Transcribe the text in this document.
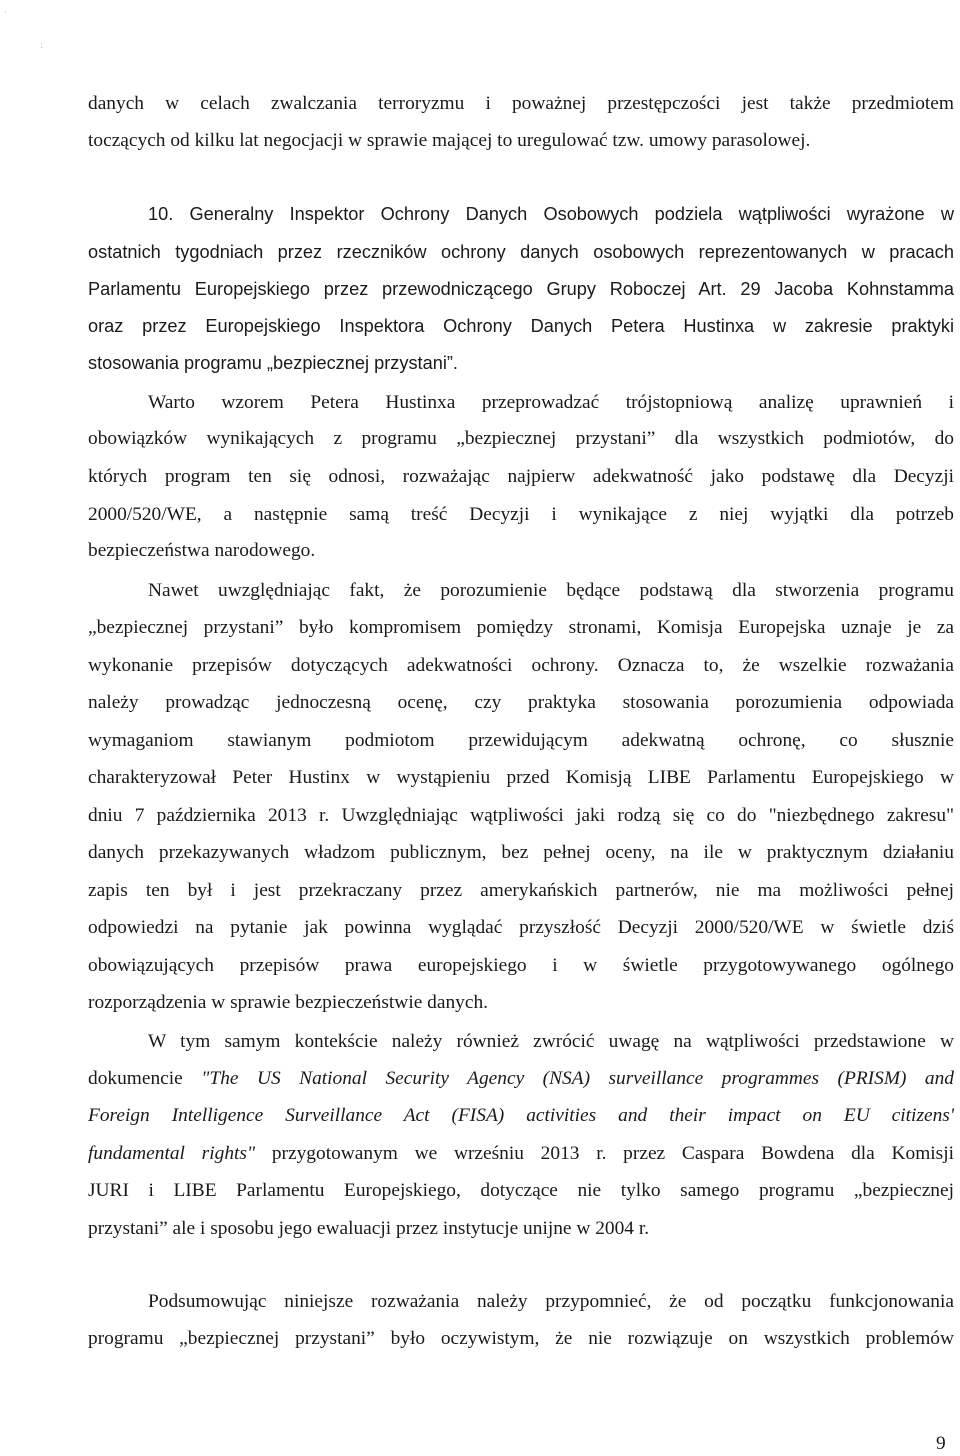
:
,

danych w celach zwalczania terroryzmu i poważnej przestępczości jest także przedmiotem

toczących od kilku lat negocjacji w sprawie mającej to uregulować tzw. umowy parasolowej.

10. Generalny Inspektor Ochrony Danych Osobowych podziela wątpliwości wyrażone w

ostatnich tygodniach przez rzeczników ochrony danych osobowych reprezentowanych w pracach

Parlamentu Europejskiego przez przewodniczącego Grupy Roboczej Art. 29 Jacoba Kohnstamma

oraz przez Europejskiego Inspektora Ochrony Danych Petera Hustinxa w zakresie praktyki

stosowania programu „bezpiecznej przystani”.

Warto wzorem Petera Hustinxa przeprowadzać trójstopniową analizę uprawnień i

obowiązków wynikających z programu „bezpiecznej przystani” dla wszystkich podmiotów, do

których program ten się odnosi, rozważając najpierw adekwatność jako podstawę dla Decyzji

2000/520/WE, a następnie samą treść Decyzji i wynikające z niej wyjątki dla potrzeb

bezpieczeństwa narodowego.

Nawet uwzględniając fakt, że porozumienie będące podstawą dla stworzenia programu

„bezpiecznej przystani” było kompromisem pomiędzy stronami, Komisja Europejska uznaje je za

wykonanie przepisów dotyczących adekwatności ochrony. Oznacza to, że wszelkie rozważania

należy prowadząc jednoczesną ocenę, czy praktyka stosowania porozumienia odpowiada

wymaganiom stawianym podmiotom przewidującym adekwatną ochronę, co słusznie

charakteryzował Peter Hustinx w wystąpieniu przed Komisją LIBE Parlamentu Europejskiego w

dniu 7 października 2013 r. Uwzględniając wątpliwości jaki rodzą się co do "niezbędnego zakresu"

danych przekazywanych władzom publicznym, bez pełnej oceny, na ile w praktycznym działaniu

zapis ten był i jest przekraczany przez amerykańskich partnerów, nie ma możliwości pełnej

odpowiedzi na pytanie jak powinna wyglądać przyszłość Decyzji 2000/520/WE w świetle dziś

obowiązujących przepisów prawa europejskiego i w świetle przygotowywanego ogólnego

rozporządzenia w sprawie bezpieczeństwie danych.

W tym samym kontekście należy również zwrócić uwagę na wątpliwości przedstawione w

dokumencie "The US National Security Agency (NSA) surveillance programmes (PRISM) and

Foreign Intelligence Surveillance Act (FISA) activities and their impact on EU citizens'

fundamental rights" przygotowanym we wrześniu 2013 r. przez Caspara Bowdena dla Komisji

JURI i LIBE Parlamentu Europejskiego, dotyczące nie tylko samego programu „bezpiecznej

przystani” ale i sposobu jego ewaluacji przez instytucje unijne w 2004 r.

Podsumowując niniejsze rozważania należy przypomnieć, że od początku funkcjonowania

programu „bezpiecznej przystani” było oczywistym, że nie rozwiązuje on wszystkich problemów

9
